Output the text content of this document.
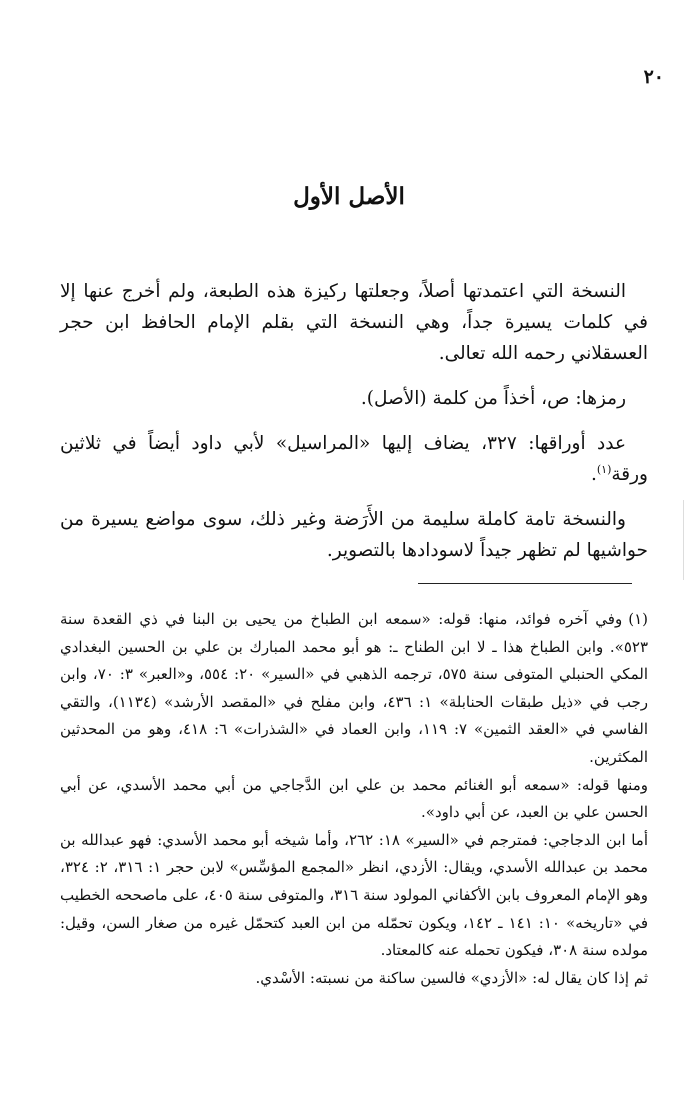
٢٠
الأصل الأول

النسخة التي اعتمدتها أصلاً، وجعلتها ركيزة هذه الطبعة، ولم أخرج عنها إلا في كلمات يسيرة جداً، وهي النسخة التي بقلم الإمام الحافظ ابن حجر العسقلاني رحمه الله تعالى.

رمزها: ص، أخذاً من كلمة (الأصل).

عدد أوراقها: ٣٢٧، يضاف إليها «المراسيل» لأبي داود أيضاً في ثلاثين ورقة$^{(١)}$.

والنسخة تامة كاملة سليمة من الأَرَضة وغير ذلك، سوى مواضع يسيرة من حواشيها لم تظهر جيداً لاسودادها بالتصوير.

(١)وفي آخره فوائد، منها: قوله: «سمعه ابن الطباخ من يحيى بن البنا في ذي القعدة سنة ٥٢٣». وابن الطباخ هذا ـ لا ابن الطناح ـ: هو أبو محمد المبارك بن علي بن الحسين البغدادي المكي الحنبلي المتوفى سنة ٥٧٥، ترجمه الذهبي في «السير» ٢٠: ٥٥٤، و«العبر» ٣: ٧٠، وابن رجب في «ذيل طبقات الحنابلة» ١: ٤٣٦، وابن مفلح في «المقصد الأرشد» (١١٣٤)، والتقي الفاسي في «العقد الثمين» ٧: ١١٩، وابن العماد في «الشذرات» ٦: ٤١٨، وهو من المحدثين المكثرين.

ومنها قوله: «سمعه أبو الغنائم محمد بن علي ابن الدَّجاجي من أبي محمد الأسدي، عن أبي الحسن علي بن العبد، عن أبي داود».

أما ابن الدجاجي: فمترجم في «السير» ١٨: ٢٦٢، وأما شيخه أبو محمد الأسدي: فهو عبدالله بن محمد بن عبدالله الأسدي، ويقال: الأزدي، انظر «المجمع المؤسِّس» لابن حجر ١: ٣١٦، ٢: ٣٢٤، وهو الإمام المعروف بابن الأكفاني المولود سنة ٣١٦، والمتوفى سنة ٤٠٥، على ماصححه الخطيب في «تاريخه» ١٠: ١٤١ ـ ١٤٢، ويكون تحمّله من ابن العبد كتحمّل غيره من صغار السن، وقيل: مولده سنة ٣٠٨، فيكون تحمله عنه كالمعتاد.

ثم إذا كان يقال له: «الأزدي» فالسين ساكنة من نسبته: الأسْدي.
